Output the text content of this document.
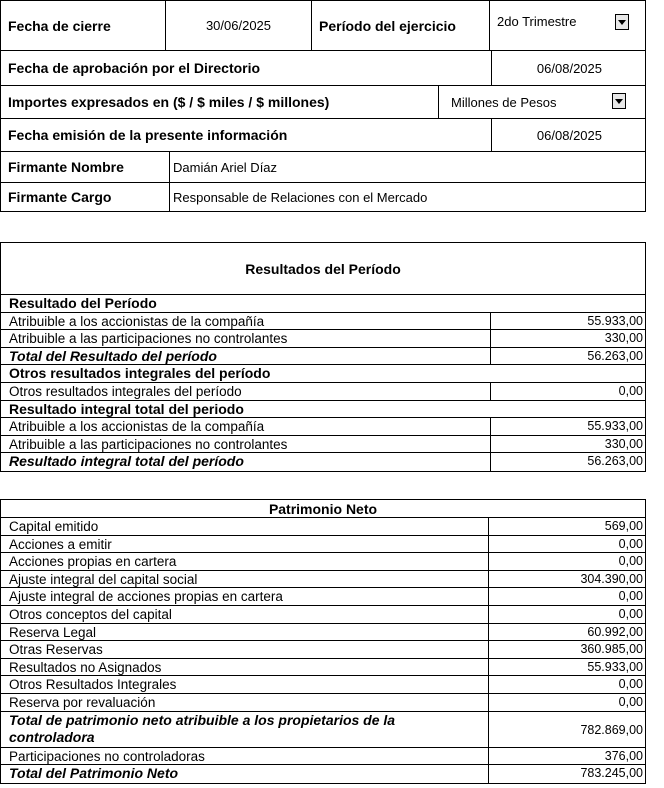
Fecha de cierre	30/06/2025	Período del ejercicio	2do Trimestre
Fecha de aprobación por el Directorio	06/08/2025
Importes expresados en ($ / $ miles / $ millones)	Millones de Pesos
Fecha emisión de la presente información	06/08/2025
Firmante Nombre	Damián Ariel Díaz
Firmante Cargo	Responsable de Relaciones con el Mercado
Resultados del Período
Resultado del Período
Atribuible a los accionistas de la compañía	55.933,00
Atribuible a las participaciones no controlantes	330,00
Total del Resultado del período	56.263,00
Otros resultados integrales del período
Otros resultados integrales del período	0,00
Resultado integral total del periodo
Atribuible a los accionistas de la compañía	55.933,00
Atribuible a las participaciones no controlantes	330,00
Resultado integral total del período	56.263,00
Patrimonio Neto
Capital emitido	569,00
Acciones a emitir	0,00
Acciones propias en cartera	0,00
Ajuste integral del capital social	304.390,00
Ajuste integral de acciones propias en cartera	0,00
Otros conceptos del capital	0,00
Reserva Legal	60.992,00
Otras Reservas	360.985,00
Resultados no Asignados	55.933,00
Otros Resultados Integrales	0,00
Reserva por revaluación	0,00
Total de patrimonio neto atribuible a los propietarios de la controladora	782.869,00
Participaciones no controladoras	376,00
Total del Patrimonio Neto	783.245,00
